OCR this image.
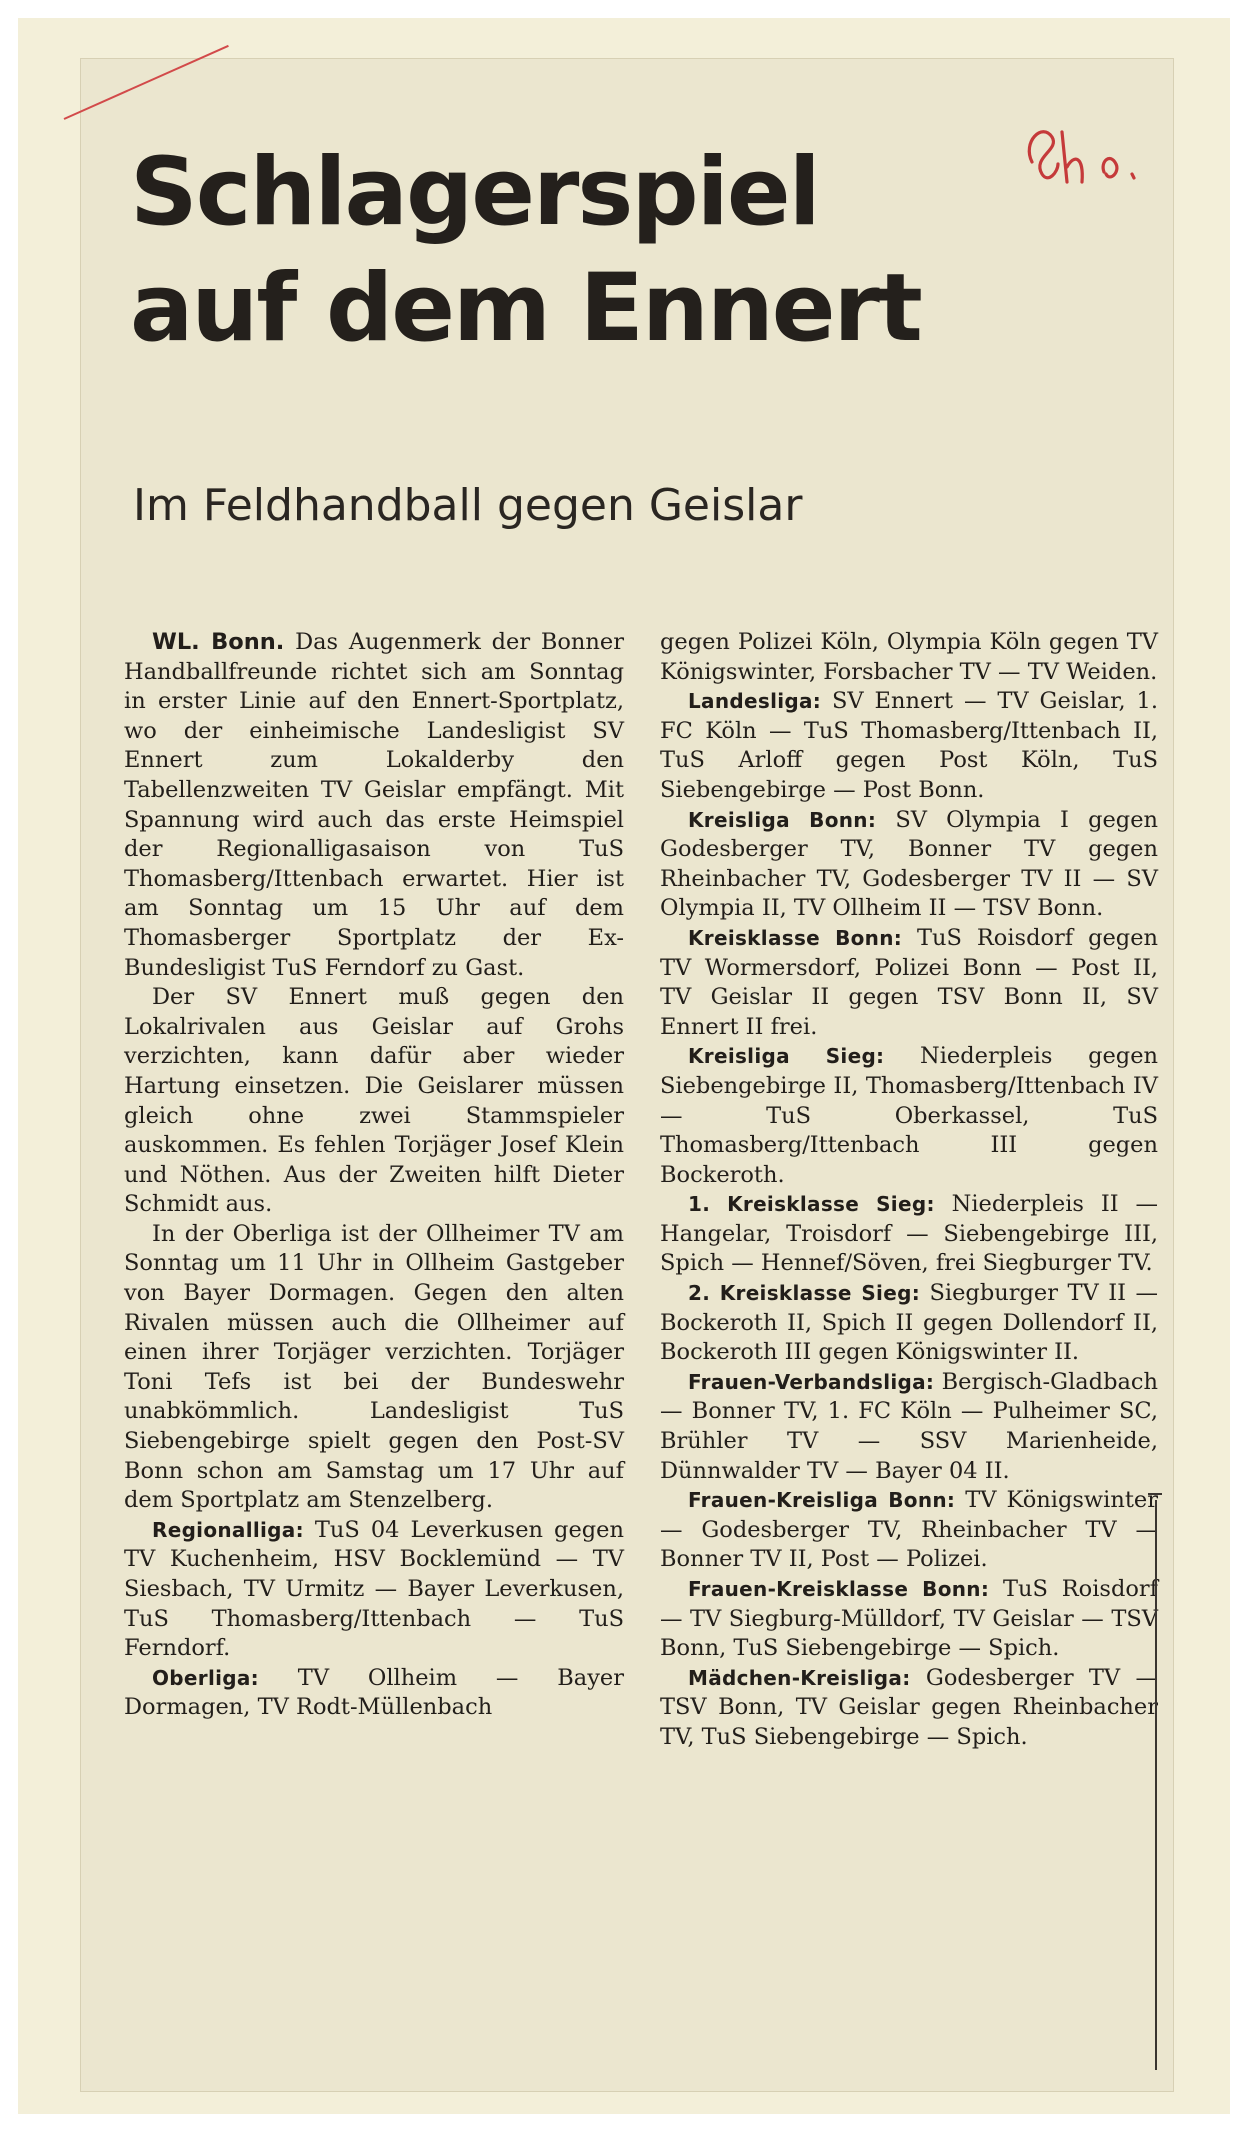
Schlagerspiel
auf dem Ennert
Im Feldhandball gegen Geislar

WL. Bonn. Das Augenmerk der Bonner Handballfreunde richtet sich am Sonntag in erster Linie auf den Ennert-Sportplatz, wo der einheimische Landesligist SV Ennert zum Lokalderby den Tabellenzweiten TV Geislar empfängt. Mit Spannung wird auch das erste Heimspiel der Regionalligasaison von TuS Thomasberg/Ittenbach erwartet. Hier ist am Sonntag um 15 Uhr auf dem Thomasberger Sportplatz der Ex-Bundesligist TuS Ferndorf zu Gast.

Der SV Ennert muß gegen den Lokalrivalen aus Geislar auf Grohs verzichten, kann dafür aber wieder Hartung einsetzen. Die Geislarer müssen gleich ohne zwei Stammspieler auskommen. Es fehlen Torjäger Josef Klein und Nöthen. Aus der Zweiten hilft Dieter Schmidt aus.

In der Oberliga ist der Ollheimer TV am Sonntag um 11 Uhr in Ollheim Gastgeber von Bayer Dormagen. Gegen den alten Rivalen müssen auch die Ollheimer auf einen ihrer Torjäger verzichten. Torjäger Toni Tefs ist bei der Bundeswehr unabkömmlich. Landesligist TuS Siebengebirge spielt gegen den Post-SV Bonn schon am Samstag um 17 Uhr auf dem Sportplatz am Stenzelberg.

Regionalliga: TuS 04 Leverkusen gegen TV Kuchenheim, HSV Bocklemünd — TV Siesbach, TV Urmitz — Bayer Leverkusen, TuS Thomasberg/Ittenbach — TuS Ferndorf.

Oberliga: TV Ollheim — Bayer Dormagen, TV Rodt-Müllenbach

gegen Polizei Köln, Olympia Köln gegen TV Königswinter, Forsbacher TV — TV Weiden.

Landesliga: SV Ennert — TV Geislar, 1. FC Köln — TuS Thomasberg/Ittenbach II, TuS Arloff gegen Post Köln, TuS Siebengebirge — Post Bonn.

Kreisliga Bonn: SV Olympia I gegen Godesberger TV, Bonner TV gegen Rheinbacher TV, Godesberger TV II — SV Olympia II, TV Ollheim II — TSV Bonn.

Kreisklasse Bonn: TuS Roisdorf gegen TV Wormersdorf, Polizei Bonn — Post II, TV Geislar II gegen TSV Bonn II, SV Ennert II frei.

Kreisliga Sieg: Niederpleis gegen Siebengebirge II, Thomasberg/Ittenbach IV — TuS Oberkassel, TuS Thomasberg/Ittenbach III gegen Bockeroth.

1. Kreisklasse Sieg: Niederpleis II — Hangelar, Troisdorf — Siebengebirge III, Spich — Hennef/Söven, frei Siegburger TV.

2. Kreisklasse Sieg: Siegburger TV II — Bockeroth II, Spich II gegen Dollendorf II, Bockeroth III gegen Königswinter II.

Frauen-Verbandsliga: Bergisch-Gladbach — Bonner TV, 1. FC Köln — Pulheimer SC, Brühler TV — SSV Marienheide, Dünnwalder TV — Bayer 04 II.

Frauen-Kreisliga Bonn: TV Königswinter — Godesberger TV, Rheinbacher TV — Bonner TV II, Post — Polizei.

Frauen-Kreisklasse Bonn: TuS Roisdorf — TV Siegburg-Mülldorf, TV Geislar — TSV Bonn, TuS Siebengebirge — Spich.

Mädchen-Kreisliga: Godesberger TV — TSV Bonn, TV Geislar gegen Rheinbacher TV, TuS Siebengebirge — Spich.
